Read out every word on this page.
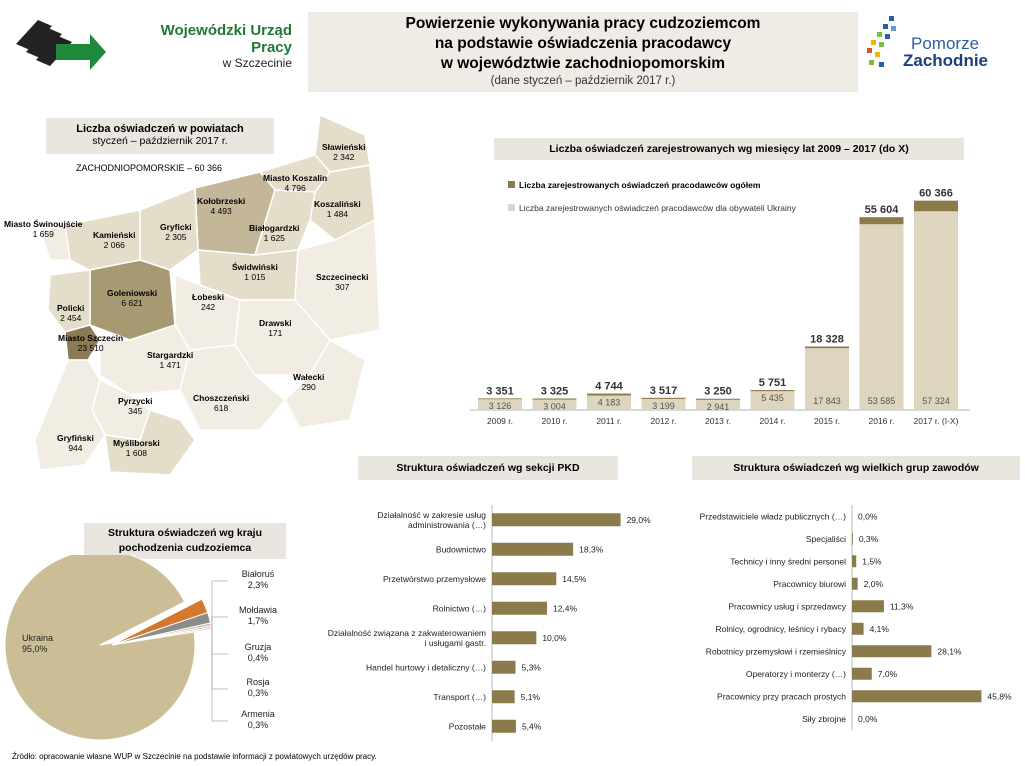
Wojewódzki Urząd Pracy
w Szczecinie
Powierzenie wykonywania pracy cudzoziemcom
na podstawie oświadczenia pracodawcy
w województwie zachodniopomorskim
(dane styczeń – październik 2017 r.)
Pomorze
Zachodnie
Liczba oświadczeń w powiatach
styczeń – październik 2017 r.
ZACHODNIOPOMORSKIE – 60 366
Sławieński
2 342
Miasto Koszalin
4 796
Koszaliński
1 484
Kołobrzeski
4 493
Białogardzki
1 625
Gryficki
2 305
Kamieński
2 066
Miasto Świnoujście
1 659
Świdwiński
1 015	Szczecinecki
307
Goleniowski
6 621
Łobeski
242
Policki
2 454	Drawski
171
Miasto Szczecin
23 510
Stargardzki
1 471
Wałecki
290
Pyrzycki
345
Choszczeński
618
Gryfiński
944	Myśliborski
1 608
Liczba oświadczeń zarejestrowanych wg miesięcy lat 2009 – 2017 (do X)
Liczba zarejestrowanych oświadczeń pracodawców ogółem
Liczba zarejestrowanych oświadczeń pracodawców dla obywateli Ukrainy
3 351
3 126
2009 r.
3 325
3 004
2010 r.
4 744
4 183
2011 r.
3 517
3 199
2012 r.
3 250
2 941
2013 r.
5 751
5 435
2014 r.
18 328
17 843
2015 r.
55 604
53 585
2016 r.
60 366
57 324
2017 r. (I-X)
Struktura oświadczeń wg kraju pochodzenia cudzoziemca
Ukraina
95,0%
Białoruś
2,3%
Mołdawia
1,7%
Gruzja
0,4%
Rosja
0,3%
Armenia
0,3%
Struktura oświadczeń wg sekcji PKD
Działalność w zakresie usług administrowania (…)	29,0%
Budownictwo	18,3%
Przetwórstwo przemysłowe	14,5%
Rolnictwo (…)	12,4%
Działalność związana z zakwaterowaniem i usługami gastr.	10,0%
Handel hurtowy i detaliczny (…)	5,3%
Transport (…)	5,1%
Pozostałe	5,4%
Struktura oświadczeń wg wielkich grup zawodów
Przedstawiciele władz publicznych (…) 0,0%
Specjaliści 0,3%
Technicy i inny średni personel 1,5%
Pracownicy biurowi 2,0%
Pracownicy usług i sprzedawcy	11,3%
Rolnicy, ogrodnicy, leśnicy i rybacy	4,1%
Robotnicy przemysłowi i rzemieślnicy	28,1%
Operatorzy i monterzy (…)	7,0%
Pracownicy przy pracach prostych	45,8%
Siły zbrojne 0,0%
Źródło: opracowanie własne WUP w Szczecinie na podstawie informacji z powiatowych urzędów pracy.
